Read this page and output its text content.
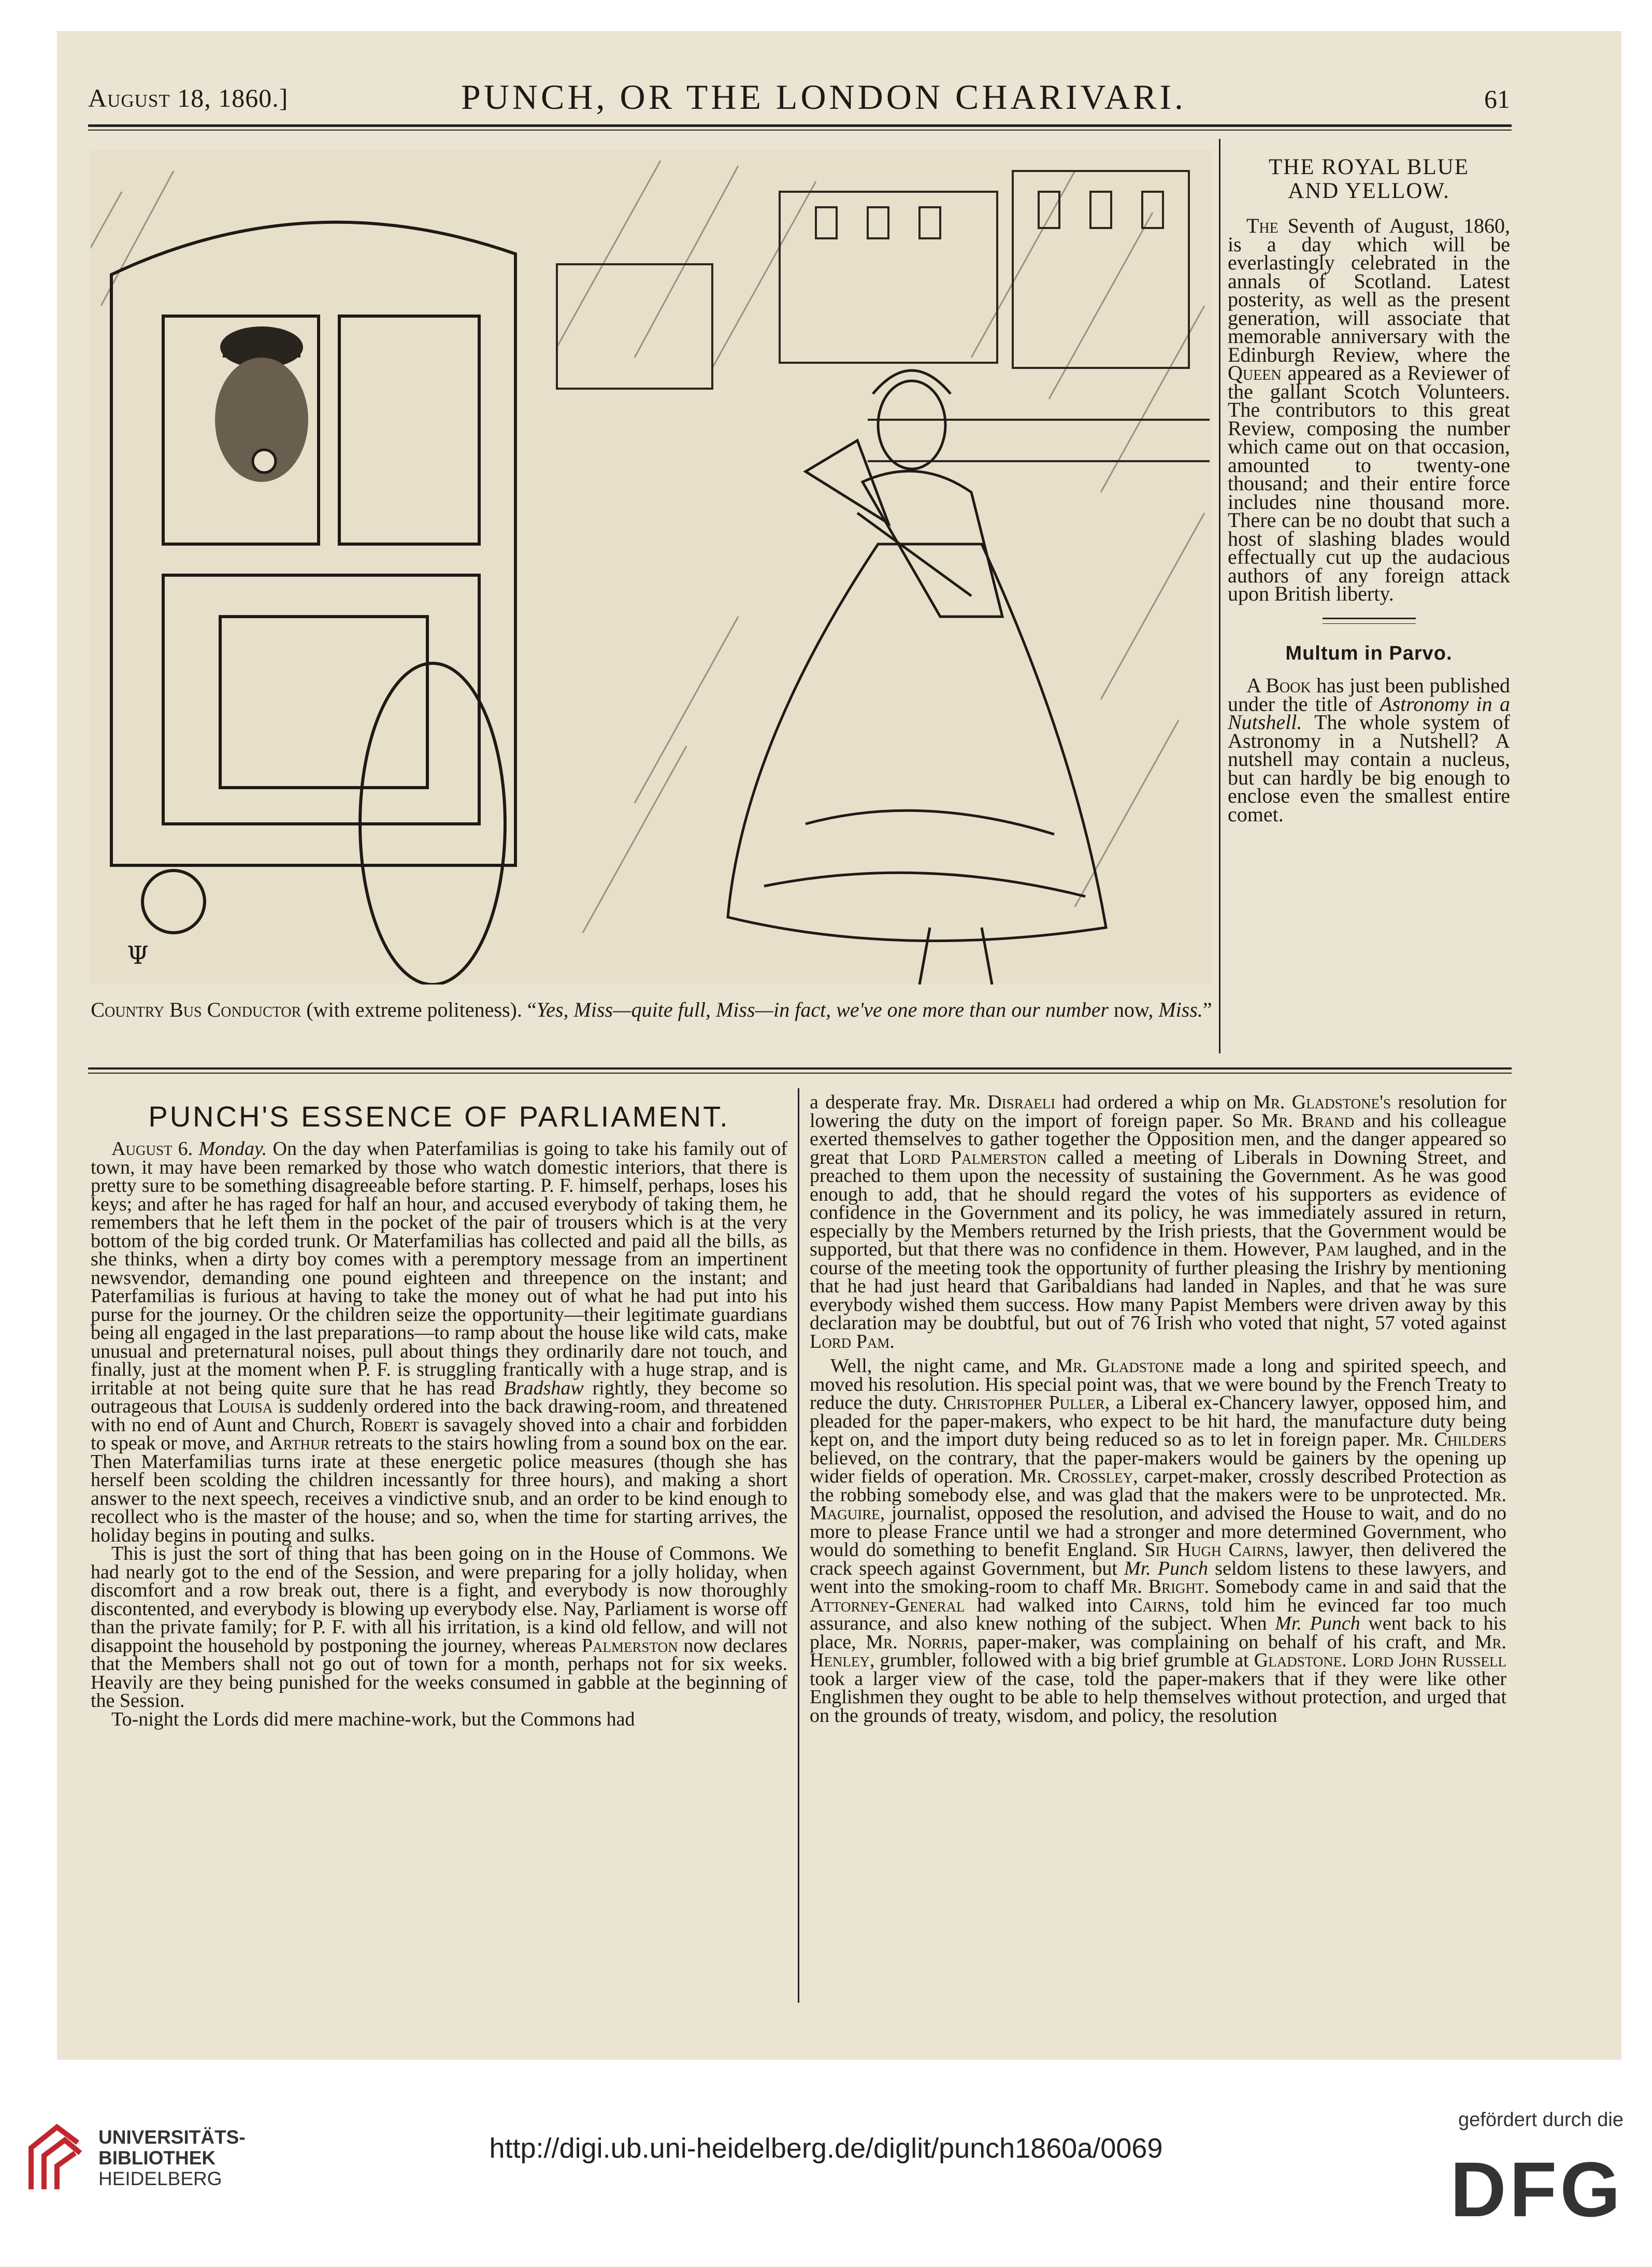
August 18, 1860.]	PUNCH, OR THE LONDON CHARIVARI.	61
Ψ
Country Bus Conductor (with extreme politeness). “Yes, Miss—quite full, Miss—in fact, we've one more than our number now, Miss.”
THE ROYAL BLUE
AND YELLOW.

The Seventh of August, 1860, is a day which will be everlastingly celebrated in the annals of Scotland. Latest posterity, as well as the present generation, will associate that memorable anniversary with the Edinburgh Review, where the Queen appeared as a Reviewer of the gallant Scotch Volunteers. The contributors to this great Review, composing the number which came out on that occasion, amounted to twenty-one thousand; and their entire force includes nine thousand more. There can be no doubt that such a host of slashing blades would effectually cut up the audacious authors of any foreign attack upon British liberty.

Multum in Parvo.

A Book has just been published under the title of Astronomy in a Nutshell. The whole system of Astronomy in a Nutshell? A nutshell may contain a nucleus, but can hardly be big enough to enclose even the smallest entire comet.

PUNCH'S ESSENCE OF PARLIAMENT.

August 6. Monday. On the day when Paterfamilias is going to take his family out of town, it may have been remarked by those who watch domestic interiors, that there is pretty sure to be something disagreeable before starting. P. F. himself, perhaps, loses his keys; and after he has raged for half an hour, and accused everybody of taking them, he remembers that he left them in the pocket of the pair of trousers which is at the very bottom of the big corded trunk. Or Materfamilias has collected and paid all the bills, as she thinks, when a dirty boy comes with a peremptory message from an impertinent newsvendor, demanding one pound eighteen and threepence on the instant; and Paterfamilias is furious at having to take the money out of what he had put into his purse for the journey. Or the children seize the opportunity—their legitimate guardians being all engaged in the last preparations—to ramp about the house like wild cats, make unusual and preternatural noises, pull about things they ordinarily dare not touch, and finally, just at the moment when P. F. is struggling frantically with a huge strap, and is irritable at not being quite sure that he has read Bradshaw rightly, they become so outrageous that Louisa is suddenly ordered into the back drawing-room, and threatened with no end of Aunt and Church, Robert is savagely shoved into a chair and forbidden to speak or move, and Arthur retreats to the stairs howling from a sound box on the ear. Then Materfamilias turns irate at these energetic police measures (though she has herself been scolding the children incessantly for three hours), and making a short answer to the next speech, receives a vindictive snub, and an order to be kind enough to recollect who is the master of the house; and so, when the time for starting arrives, the holiday begins in pouting and sulks.

This is just the sort of thing that has been going on in the House of Commons. We had nearly got to the end of the Session, and were preparing for a jolly holiday, when discomfort and a row break out, there is a fight, and everybody is now thoroughly discontented, and everybody is blowing up everybody else. Nay, Parliament is worse off than the private family; for P. F. with all his irritation, is a kind old fellow, and will not disappoint the household by postponing the journey, whereas Palmerston now declares that the Members shall not go out of town for a month, perhaps not for six weeks. Heavily are they being punished for the weeks consumed in gabble at the beginning of the Session.

To-night the Lords did mere machine-work, but the Commons had

a desperate fray. Mr. Disraeli had ordered a whip on Mr. Gladstone's resolution for lowering the duty on the import of foreign paper. So Mr. Brand and his colleague exerted themselves to gather together the Opposition men, and the danger appeared so great that Lord Palmerston called a meeting of Liberals in Downing Street, and preached to them upon the necessity of sustaining the Government. As he was good enough to add, that he should regard the votes of his supporters as evidence of confidence in the Government and its policy, he was immediately assured in return, especially by the Members returned by the Irish priests, that the Government would be supported, but that there was no confidence in them. However, Pam laughed, and in the course of the meeting took the opportunity of further pleasing the Irishry by mentioning that he had just heard that Garibaldians had landed in Naples, and that he was sure everybody wished them success. How many Papist Members were driven away by this declaration may be doubtful, but out of 76 Irish who voted that night, 57 voted against Lord Pam.

Well, the night came, and Mr. Gladstone made a long and spirited speech, and moved his resolution. His special point was, that we were bound by the French Treaty to reduce the duty. Christopher Puller, a Liberal ex-Chancery lawyer, opposed him, and pleaded for the paper-makers, who expect to be hit hard, the manufacture duty being kept on, and the import duty being reduced so as to let in foreign paper. Mr. Childers believed, on the contrary, that the paper-makers would be gainers by the opening up wider fields of operation. Mr. Crossley, carpet-maker, crossly described Protection as the robbing somebody else, and was glad that the makers were to be unprotected. Mr. Maguire, journalist, opposed the resolution, and advised the House to wait, and do no more to please France until we had a stronger and more determined Government, who would do something to benefit England. Sir Hugh Cairns, lawyer, then delivered the crack speech against Government, but Mr. Punch seldom listens to these lawyers, and went into the smoking-room to chaff Mr. Bright. Somebody came in and said that the Attorney-General had walked into Cairns, told him he evinced far too much assurance, and also knew nothing of the subject. When Mr. Punch went back to his place, Mr. Norris, paper-maker, was complaining on behalf of his craft, and Mr. Henley, grumbler, followed with a big brief grumble at Gladstone. Lord John Russell took a larger view of the case, told the paper-makers that if they were like other Englishmen they ought to be able to help themselves without protection, and urged that on the grounds of treaty, wisdom, and policy, the resolution

UNIVERSITÄTS-
BIBLIOTHEK
HEIDELBERG
http://digi.ub.uni-heidelberg.de/diglit/punch1860a/0069
gefördert durch die
DFG
